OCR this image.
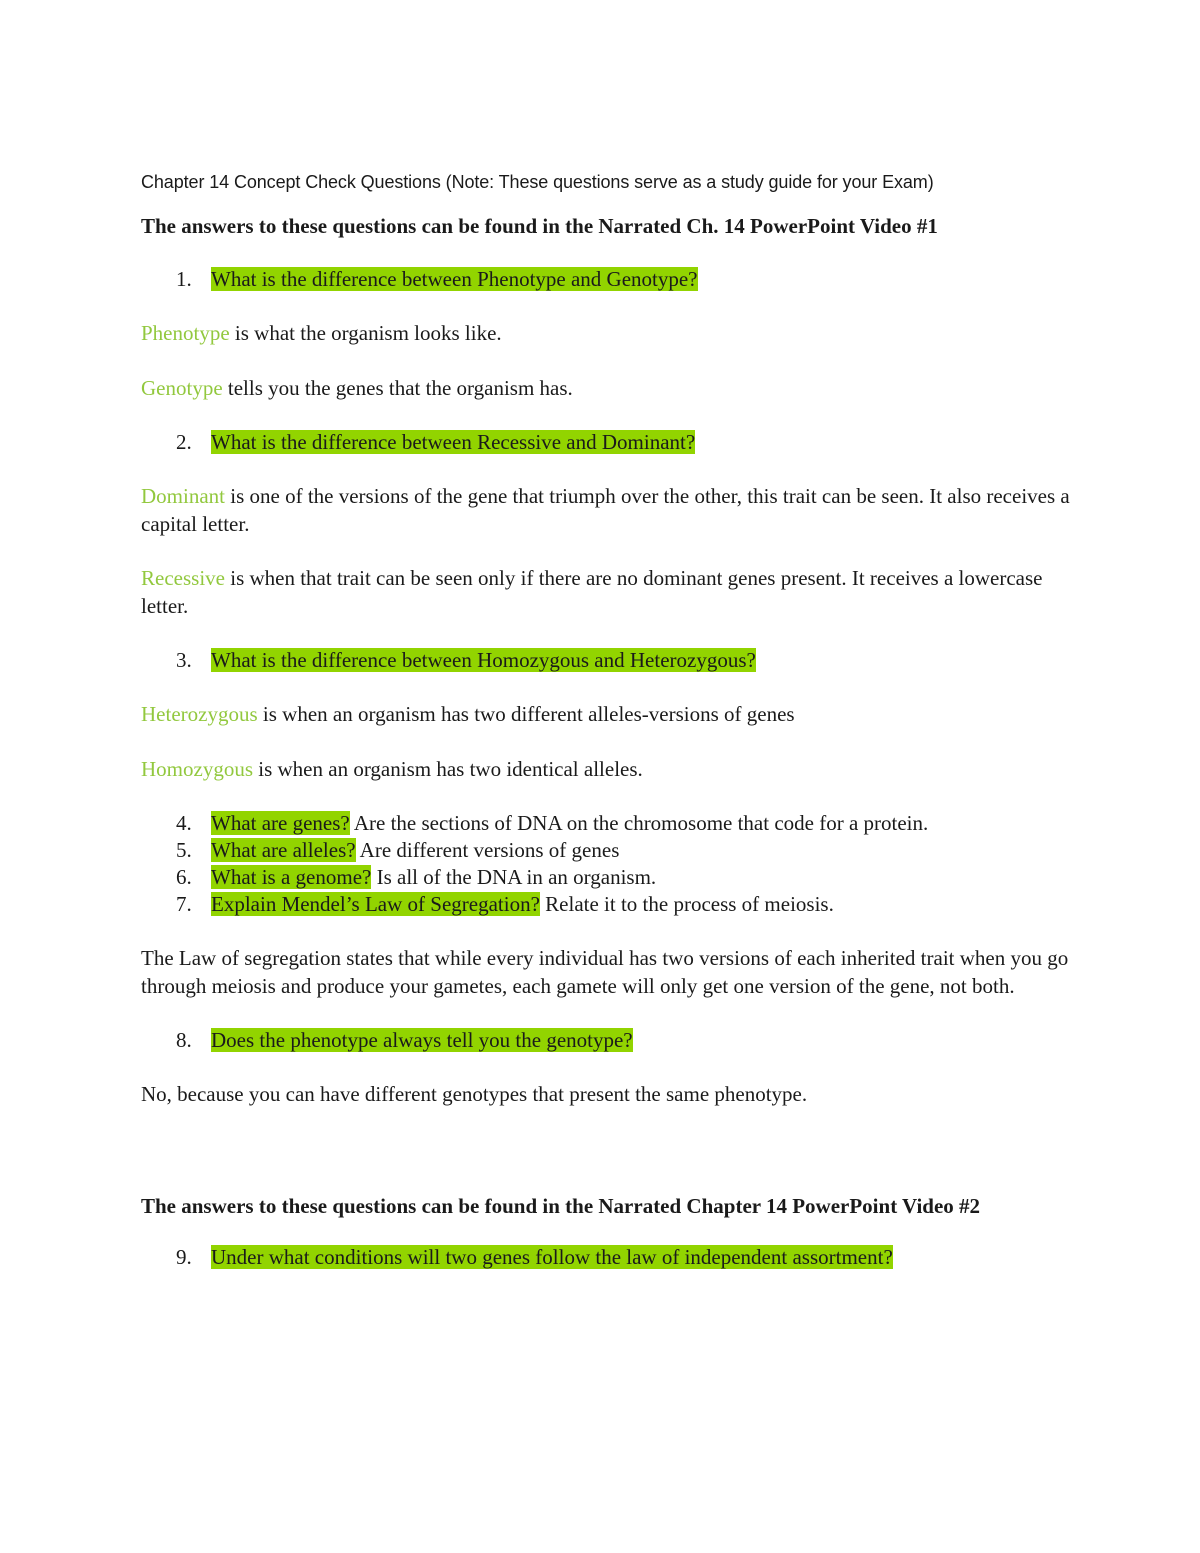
Chapter 14 Concept Check Questions (Note: These questions serve as a study guide for your Exam)
The answers to these questions can be found in the Narrated Ch. 14 PowerPoint Video #1
1. What is the difference between Phenotype and Genotype?
Phenotype is what the organism looks like.
Genotype tells you the genes that the organism has.
2. What is the difference between Recessive and Dominant?
Dominant is one of the versions of the gene that triumph over the other, this trait can be seen. It also receives a capital letter.
Recessive is when that trait can be seen only if there are no dominant genes present. It receives a lowercase letter.
3. What is the difference between Homozygous and Heterozygous?
Heterozygous is when an organism has two different alleles-versions of genes
Homozygous is when an organism has two identical alleles.
4. What are genes? Are the sections of DNA on the chromosome that code for a protein.
5. What are alleles? Are different versions of genes
6. What is a genome? Is all of the DNA in an organism.
7. Explain Mendel’s Law of Segregation? Relate it to the process of meiosis.
The Law of segregation states that while every individual has two versions of each inherited trait when you go through meiosis and produce your gametes, each gamete will only get one version of the gene, not both.
8. Does the phenotype always tell you the genotype?
No, because you can have different genotypes that present the same phenotype.
The answers to these questions can be found in the Narrated Chapter 14 PowerPoint Video #2
9. Under what conditions will two genes follow the law of independent assortment?
